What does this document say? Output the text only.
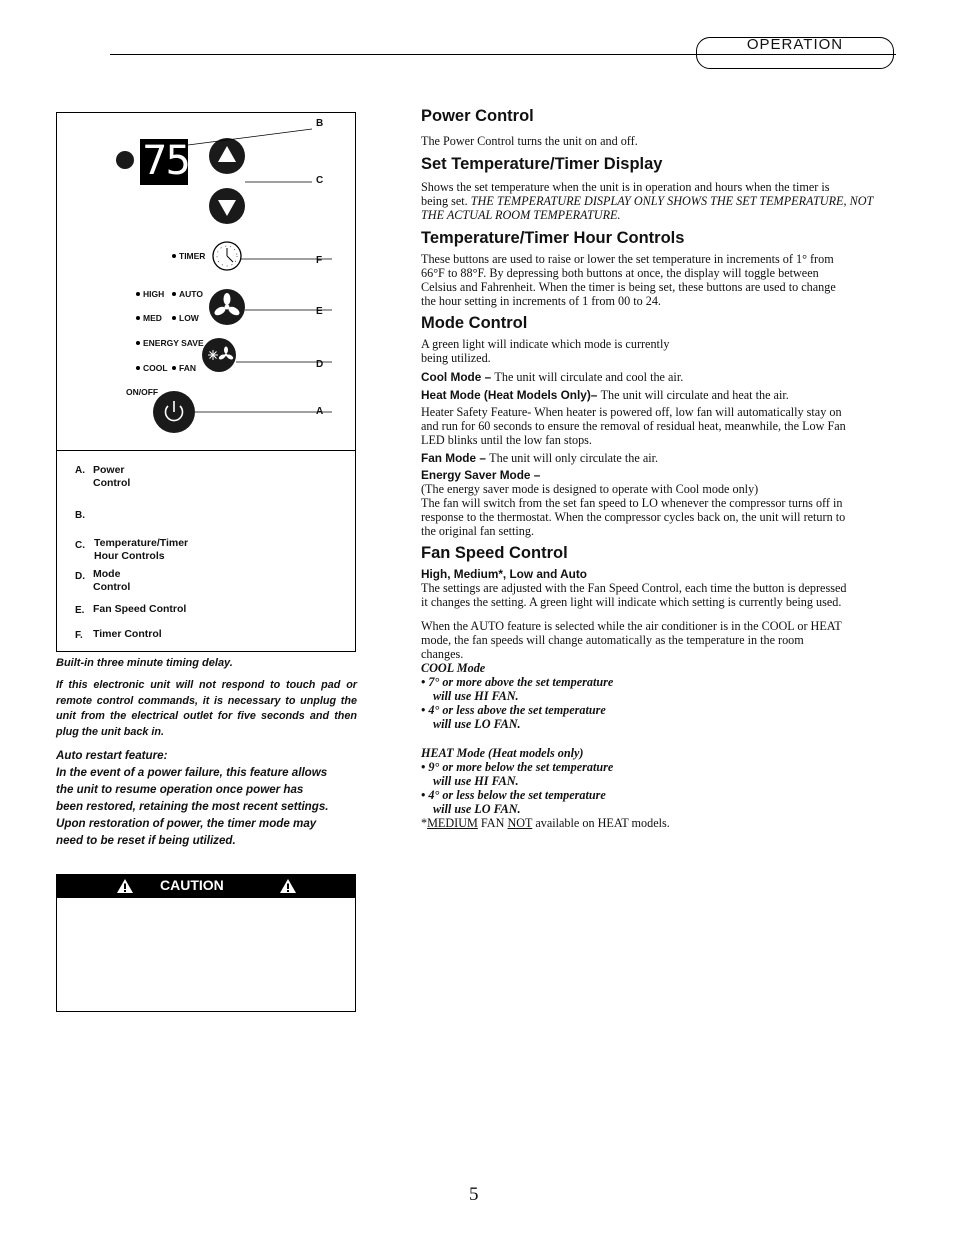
OPERATION
75
B
C
F
E
D
A
TIMER
HIGH	AUTO
MED	LOW
ENERGY SAVE
COOL	FAN
ON/OFF
A. Power
Control
B.
C. Temperature/Timer
Hour Controls
D. Mode
Control
E. Fan Speed Control
F. Timer Control
Built-in three minute timing delay.
If this electronic unit will not respond to touch pad or remote control commands, it is necessary to unplug the unit from the electrical outlet for five seconds and then plug the unit back in.
Auto restart feature:
In the event of a power failure, this feature allows
the unit to resume operation once power has
been restored, retaining the most recent settings.
Upon restoration of power, the timer mode may
need to be reset if being utilized.
CAUTION
Power Control
The Power Control turns the unit on and off.
Set Temperature/Timer Display
Shows the set temperature when the unit is in operation and hours when the timer is
being set. THE TEMPERATURE DISPLAY ONLY SHOWS THE SET TEMPERATURE, NOT
THE ACTUAL ROOM TEMPERATURE.
Temperature/Timer Hour Controls
These buttons are used to raise or lower the set temperature in increments of 1° from
66°F to 88°F. By depressing both buttons at once, the display will toggle between
Celsius and Fahrenheit. When the timer is being set, these buttons are used to change
the hour setting in increments of 1 from 00 to 24.
Mode Control
A green light will indicate which mode is currently
being utilized.
Cool Mode – The unit will circulate and cool the air.
Heat Mode (Heat Models Only)– The unit will circulate and heat the air.
Heater Safety Feature- When heater is powered off, low fan will automatically stay on
and run for 60 seconds to ensure the removal of residual heat, meanwhile, the Low Fan
LED blinks until the low fan stops.
Fan Mode – The unit will only circulate the air.
Energy Saver Mode –
(The energy saver mode is designed to operate with Cool mode only)
The fan will switch from the set fan speed to LO whenever the compressor turns off in
response to the thermostat. When the compressor cycles back on, the unit will return to
the original fan setting.
Fan Speed Control
High, Medium*, Low and Auto
The settings are adjusted with the Fan Speed Control, each time the button is depressed
it changes the setting. A green light will indicate which setting is currently being used.
When the AUTO feature is selected while the air conditioner is in the COOL or HEAT
mode, the fan speeds will change automatically as the temperature in the room
changes.
COOL Mode
• 7° or more above the set temperature
will use HI FAN.
• 4° or less above the set temperature
will use LO FAN.
HEAT Mode (Heat models only)
• 9° or more below the set temperature
will use HI FAN.
• 4° or less below the set temperature
will use LO FAN.
*MEDIUM FAN NOT available on HEAT models.
5
